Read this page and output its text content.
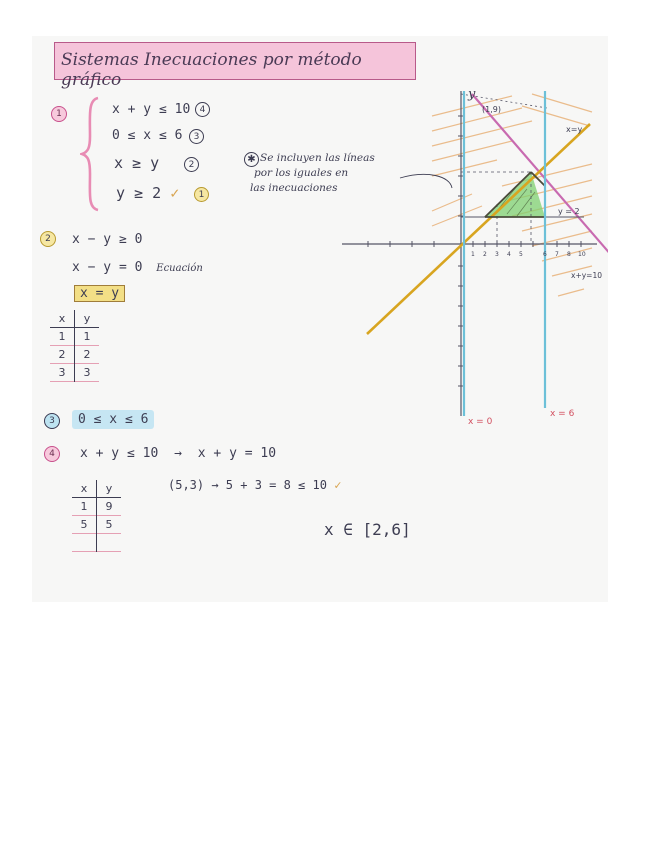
Sistemas Inecuaciones por método gráfico
1	x + y ≤ 10 4
0 ≤ x ≤ 6 3
x ≥ y	2
y ≥ 2 ✓ 1
✱ Se incluyen las líneas
por los iguales en
las inecuaciones
2 x − y ≥ 0
x − y = 0 Ecuación
x = y
x	y
1	1
2	2
3	3
3	0 ≤ x ≤ 6
4 x + y ≤ 10 → x + y = 10
(5,3) → 5 + 3 = 8 ≤ 10 ✓
x	y
1	9
5	5
		x ∈ [2,6]
y
(1,9)
1 2 3 4 5	6 7 8 10
x=y
y = 2
x+y=10
x = 0
x = 6
